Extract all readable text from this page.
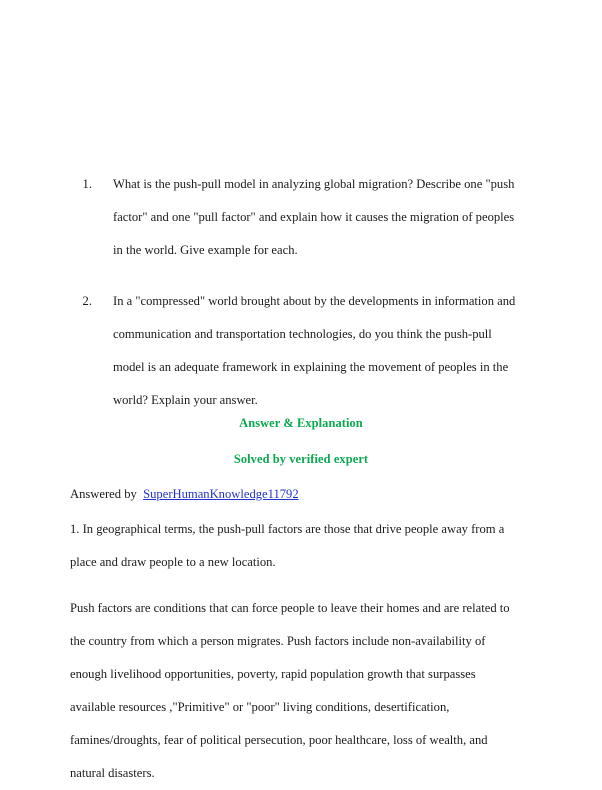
1.	What is the push-pull model in analyzing global migration? Describe one "push factor" and one "pull factor" and explain how it causes the migration of peoples in the world. Give example for each.
2.	In a "compressed" world brought about by the developments in information and communication and transportation technologies, do you think the push-pull model is an adequate framework in explaining the movement of peoples in the world? Explain your answer.
Answer & Explanation
Solved by verified expert
Answered by SuperHumanKnowledge11792

1. In geographical terms, the push-pull factors are those that drive people away from a place and draw people to a new location.

Push factors are conditions that can force people to leave their homes and are related to the country from which a person migrates. Push factors include non-availability of enough livelihood opportunities, poverty, rapid population growth that surpasses available resources ,"Primitive" or "poor" living conditions, desertification, famines/droughts, fear of political persecution, poor healthcare, loss of wealth, and natural disasters.
